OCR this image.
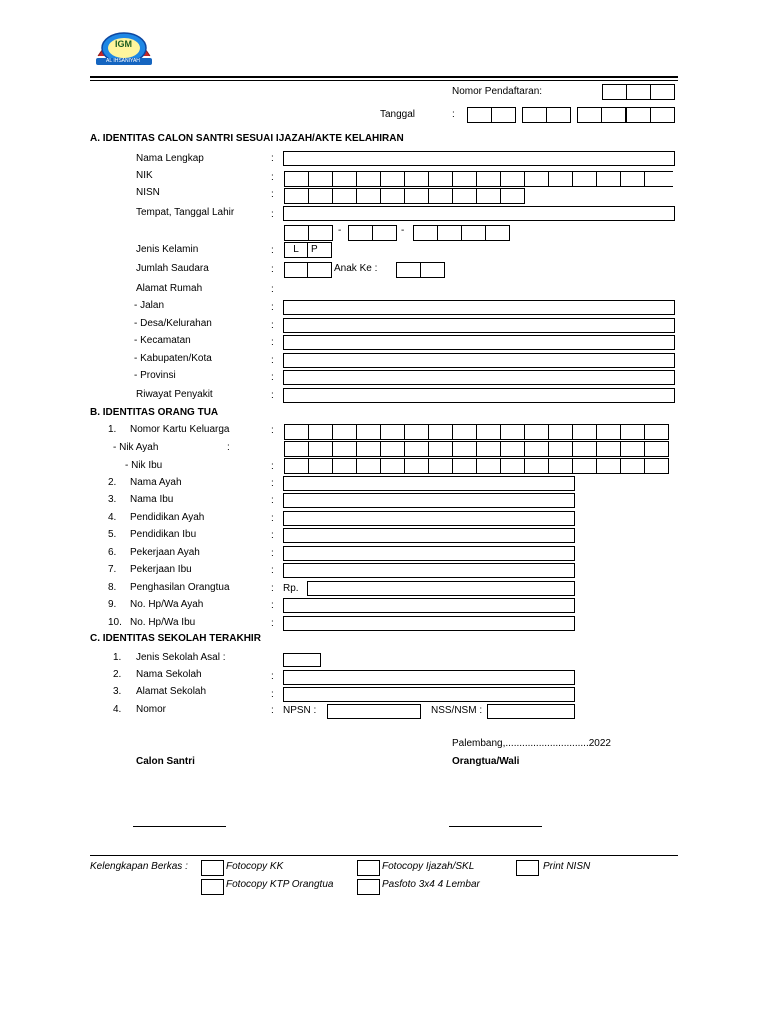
IGM
AL IHSANIYAH
Nomor Pendaftaran:
Tanggal	:
A. IDENTITAS CALON SANTRI SESUAI IJAZAH/AKTE KELAHIRAN
Nama Lengkap	:
NIK	:
NISN	:
Tempat, Tanggal Lahir	:
-	-
Jenis Kelamin	:	L	P
Jumlah Saudara	:	Anak Ke :
Alamat Rumah	:
- Jalan	:
- Desa/Kelurahan	:
- Kecamatan	:
- Kabupaten/Kota	:
- Provinsi	:
Riwayat Penyakit	:
B. IDENTITAS ORANG TUA
1. Nomor Kartu Keluarga	:
- Nik Ayah	:
- Nik Ibu	:
2. Nama Ayah	:
3. Nama Ibu	:
4. Pendidikan Ayah	:
5. Pendidikan Ibu	:
6. Pekerjaan Ayah	:
7. Pekerjaan Ibu	:
8. Penghasilan Orangtua	: Rp.
9. No. Hp/Wa Ayah	:
10. No. Hp/Wa Ibu	:
C. IDENTITAS SEKOLAH TERAKHIR
1. Jenis Sekolah Asal :
2. Nama Sekolah	:
3. Alamat Sekolah	:
4. Nomor	: NPSN :	NSS/NSM :
Palembang,..............................2022
Calon Santri	Orangtua/Wali
Kelengkapan Berkas :	Fotocopy KK	Fotocopy Ijazah/SKL	Print NISN
Fotocopy KTP Orangtua	Pasfoto 3x4 4 Lembar
